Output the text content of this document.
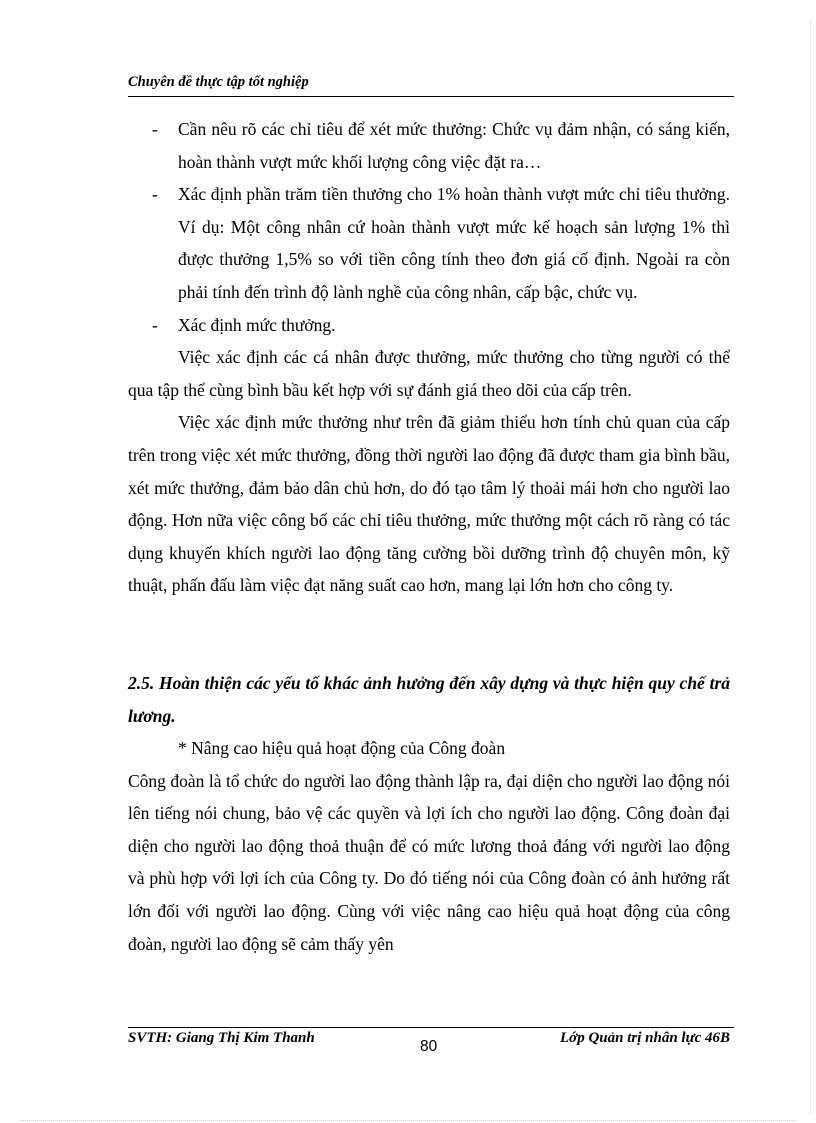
Chuyên đề thực tập tốt nghiệp
- Cần nêu rõ các chỉ tiêu để xét mức thưởng: Chức vụ đảm nhận, có sáng kiến, hoàn thành vượt mức khối lượng công việc đặt ra…
- Xác định phần trăm tiền thưởng cho 1% hoàn thành vượt mức chỉ tiêu thưởng. Ví dụ: Một công nhân cứ hoàn thành vượt mức kế hoạch sản lượng 1% thì được thưởng 1,5% so với tiền công tính theo đơn giá cố định. Ngoài ra còn phải tính đến trình độ lành nghề của công nhân, cấp bậc, chức vụ.
- Xác định mức thưởng.
Việc xác định các cá nhân được thưởng, mức thưởng cho từng người có thể qua tập thể cùng bình bầu kết hợp với sự đánh giá theo dõi của cấp trên.
Việc xác định mức thưởng như trên đã giảm thiểu hơn tính chủ quan của cấp trên trong việc xét mức thưởng, đồng thời người lao động đã được tham gia bình bầu, xét mức thưởng, đảm bảo dân chủ hơn, do đó tạo tâm lý thoải mái hơn cho người lao động. Hơn nữa việc công bố các chỉ tiêu thưởng, mức thưởng một cách rõ ràng có tác dụng khuyến khích người lao động tăng cường bồi dưỡng trình độ chuyên môn, kỹ thuật, phấn đấu làm việc đạt năng suất cao hơn, mang lại lớn hơn cho công ty.
2.5. Hoàn thiện các yếu tố khác ảnh hưởng đến xây dựng và thực hiện quy chế trả lương.
* Nâng cao hiệu quả hoạt động của Công đoàn
Công đoàn là tổ chức do người lao động thành lập ra, đại diện cho người lao động nói lên tiếng nói chung, bảo vệ các quyền và lợi ích cho người lao động. Công đoàn đại diện cho người lao động thoả thuận để có mức lương thoả đáng với người lao động và phù hợp với lợi ích của Công ty. Do đó tiếng nói của Công đoàn có ảnh hưởng rất lớn đối với người lao động. Cùng với việc nâng cao hiệu quả hoạt động của công đoàn, người lao động sẽ cảm thấy yên
SVTH: Giang Thị Kim Thanh	80	Lớp Quản trị nhân lực 46B
